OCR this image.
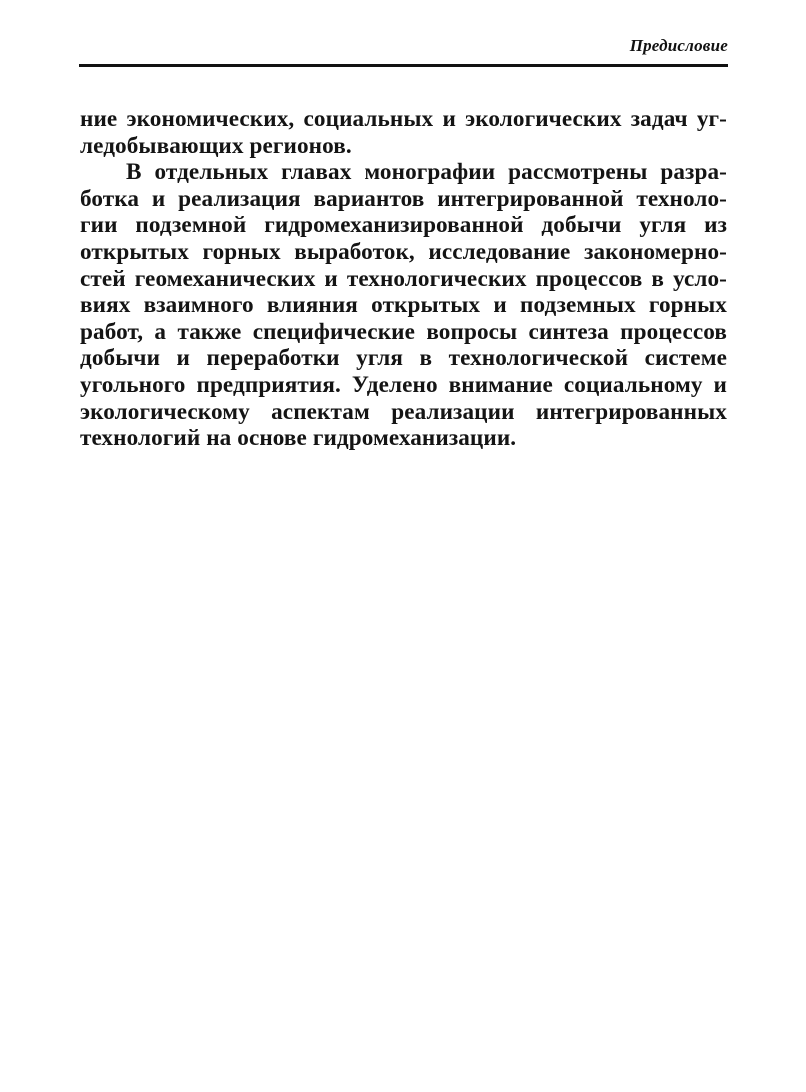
Предисловие
ние экономических, социальных и экологических задач уг-
ледобывающих регионов.
В отдельных главах монографии рассмотрены разра-
ботка и реализация вариантов интегрированной техноло-
гии подземной гидромеханизированной добычи угля из
открытых горных выработок, исследование закономерно-
стей геомеханических и технологических процессов в усло-
виях взаимного влияния открытых и подземных горных
работ, а также специфические вопросы синтеза процессов
добычи и переработки угля в технологической системе
угольного предприятия. Уделено внимание социальному и
экологическому аспектам реализации интегрированных
технологий на основе гидромеханизации.
